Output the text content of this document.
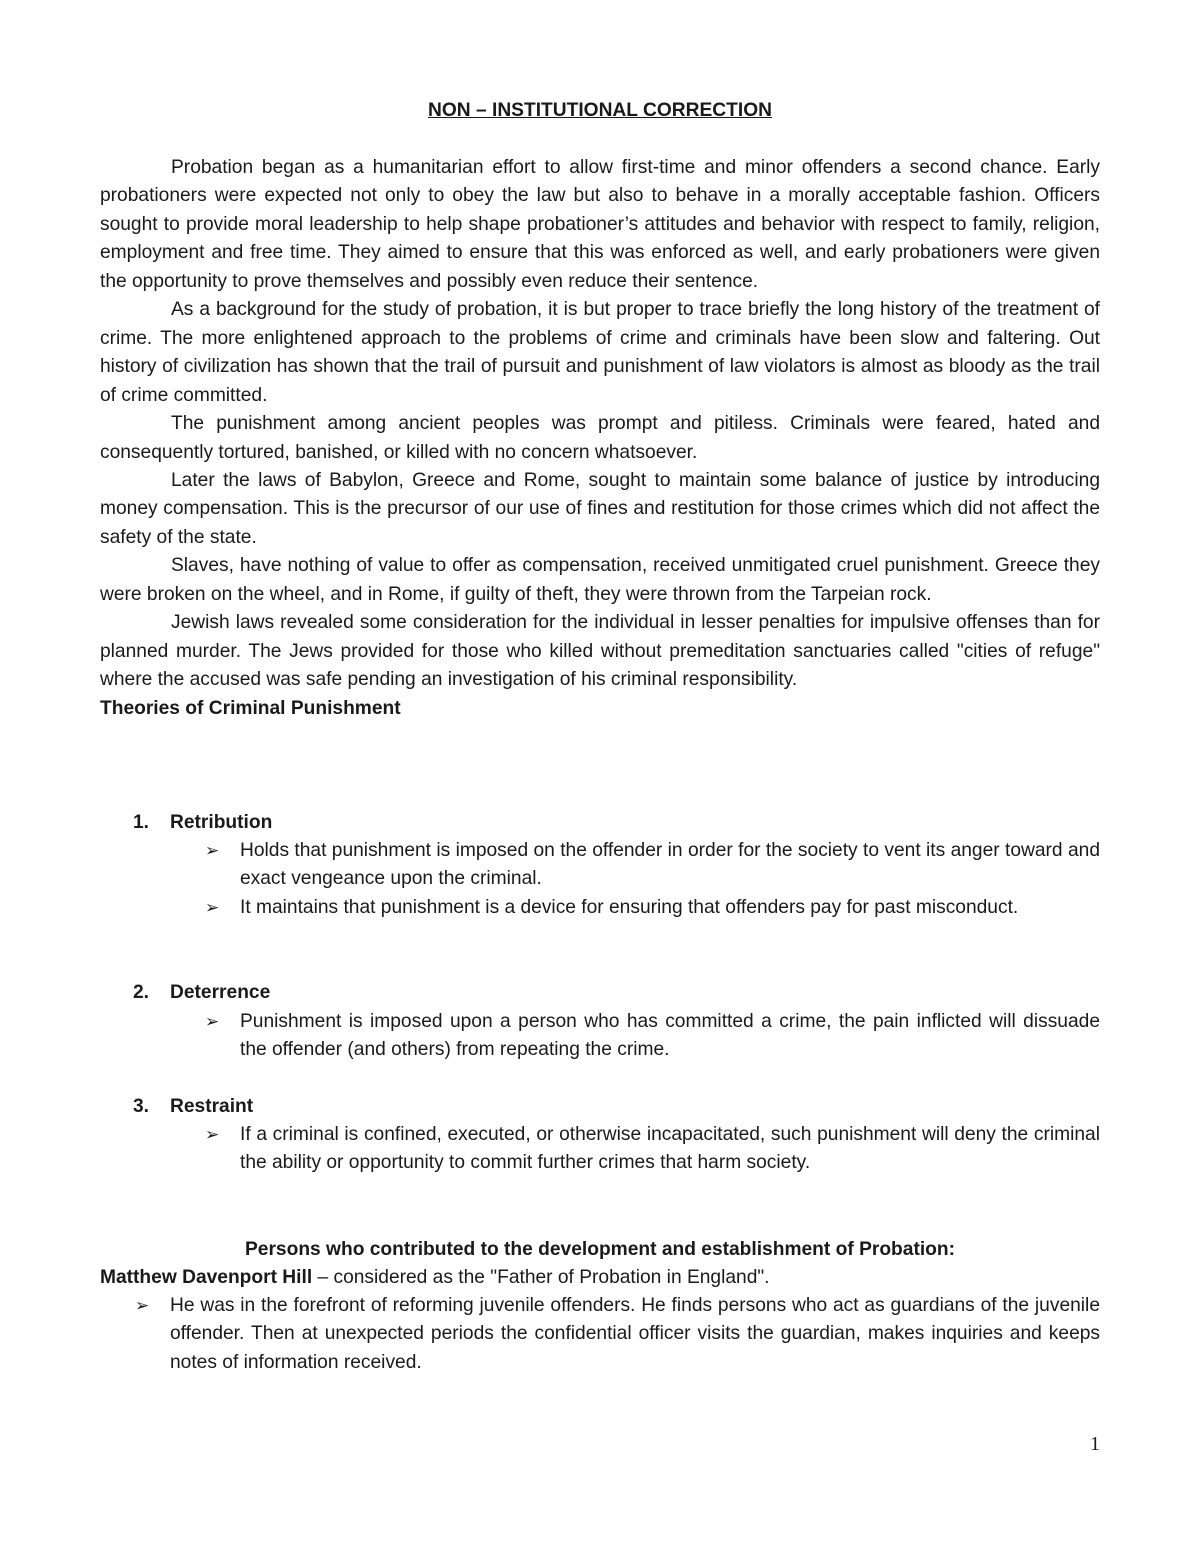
NON – INSTITUTIONAL CORRECTION

Probation began as a humanitarian effort to allow first-time and minor offenders a second chance. Early probationers were expected not only to obey the law but also to behave in a morally acceptable fashion. Officers sought to provide moral leadership to help shape probationer’s attitudes and behavior with respect to family, religion, employment and free time. They aimed to ensure that this was enforced as well, and early probationers were given the opportunity to prove themselves and possibly even reduce their sentence.

As a background for the study of probation, it is but proper to trace briefly the long history of the treatment of crime. The more enlightened approach to the problems of crime and criminals have been slow and faltering. Out history of civilization has shown that the trail of pursuit and punishment of law violators is almost as bloody as the trail of crime committed.

The punishment among ancient peoples was prompt and pitiless. Criminals were feared, hated and consequently tortured, banished, or killed with no concern whatsoever.

Later the laws of Babylon, Greece and Rome, sought to maintain some balance of justice by introducing money compensation. This is the precursor of our use of fines and restitution for those crimes which did not affect the safety of the state.

Slaves, have nothing of value to offer as compensation, received unmitigated cruel punishment. Greece they were broken on the wheel, and in Rome, if guilty of theft, they were thrown from the Tarpeian rock.

Jewish laws revealed some consideration for the individual in lesser penalties for impulsive offenses than for planned murder. The Jews provided for those who killed without premeditation sanctuaries called "cities of refuge" where the accused was safe pending an investigation of his criminal responsibility.

Theories of Criminal Punishment
1. Retribution
➢	Holds that punishment is imposed on the offender in order for the society to vent its anger toward and exact vengeance upon the criminal.

➢	It maintains that punishment is a device for ensuring that offenders pay for past misconduct.

2. Deterrence
➢	Punishment is imposed upon a person who has committed a crime, the pain inflicted will dissuade the offender (and others) from repeating the crime.

3. Restraint
➢	If a criminal is confined, executed, or otherwise incapacitated, such punishment will deny the criminal the ability or opportunity to commit further crimes that harm society.

Persons who contributed to the development and establishment of Probation:
Matthew Davenport Hill – considered as the "Father of Probation in England".
➢	He was in the forefront of reforming juvenile offenders. He finds persons who act as guardians of the juvenile offender. Then at unexpected periods the confidential officer visits the guardian, makes inquiries and keeps notes of information received.

1
